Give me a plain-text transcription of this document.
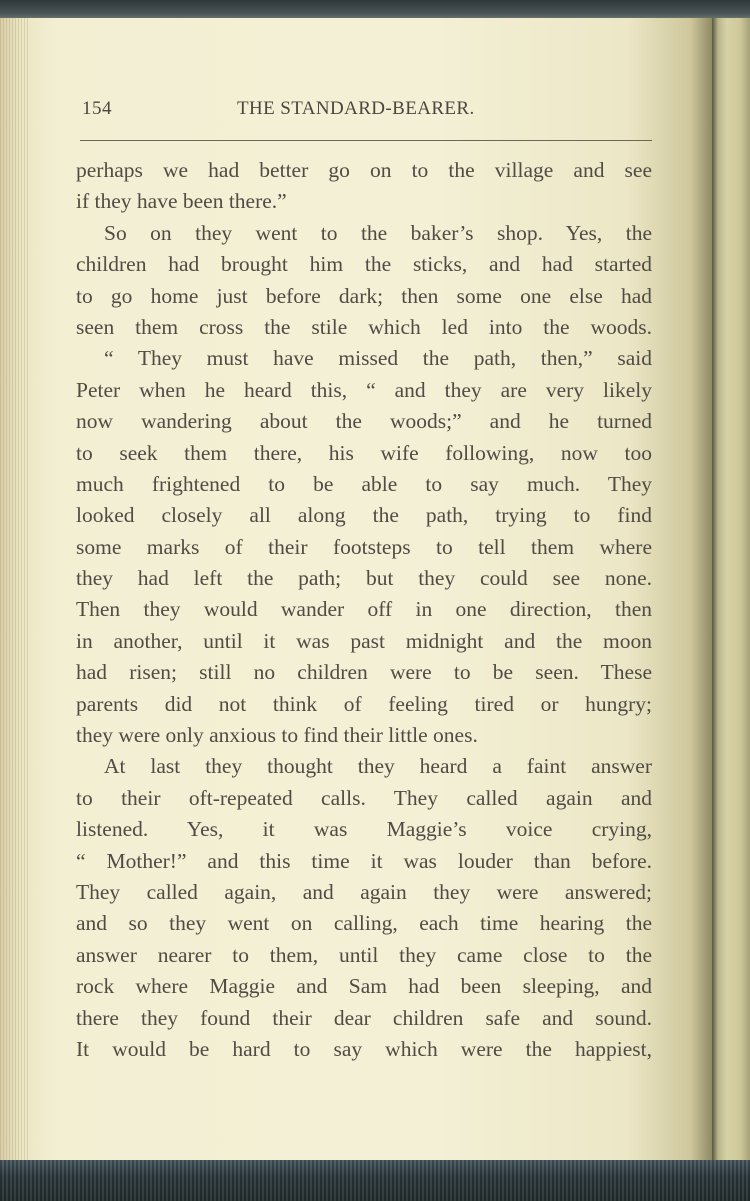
154	THE STANDARD-BEARER.
perhaps we had better go on to the village and see
if they have been there.”
So on they went to the baker’s shop. Yes, the
children had brought him the sticks, and had started
to go home just before dark; then some one else had
seen them cross the stile which led into the woods.
“ They must have missed the path, then,” said
Peter when he heard this, “ and they are very likely
now wandering about the woods;” and he turned
to seek them there, his wife following, now too
much frightened to be able to say much. They
looked closely all along the path, trying to find
some marks of their footsteps to tell them where
they had left the path; but they could see none.
Then they would wander off in one direction, then
in another, until it was past midnight and the moon
had risen; still no children were to be seen. These
parents did not think of feeling tired or hungry;
they were only anxious to find their little ones.
At last they thought they heard a faint answer
to their oft-repeated calls. They called again and
listened. Yes, it was Maggie’s voice crying,
“ Mother!” and this time it was louder than before.
They called again, and again they were answered;
and so they went on calling, each time hearing the
answer nearer to them, until they came close to the
rock where Maggie and Sam had been sleeping, and
there they found their dear children safe and sound.
It would be hard to say which were the happiest,
